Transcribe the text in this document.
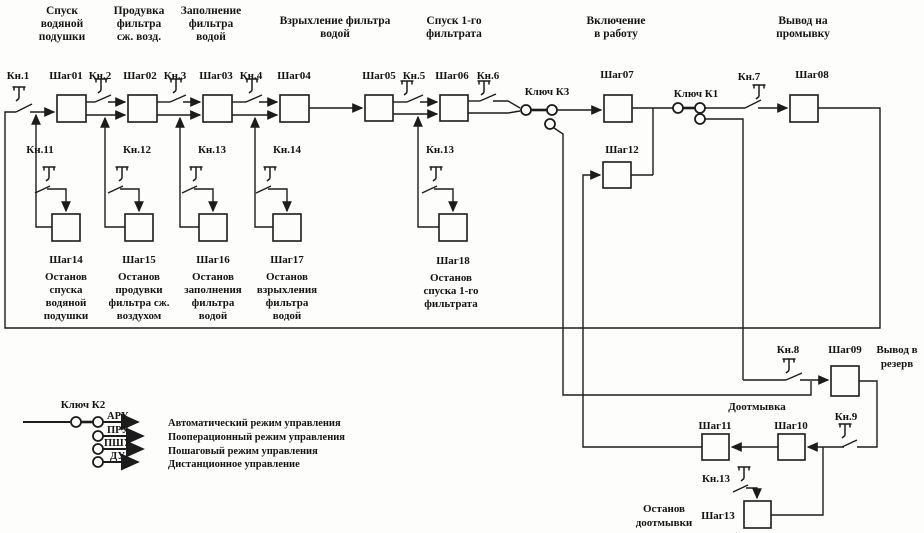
Спуск
водяной
подушки
Продувка
фильтра
сж. возд.
Заполнение
фильтра
водой
Взрыхление фильтра
водой
Спуск 1-го
фильтрата
Включение
в работу
Вывод на
промывку
Кн.1 Шаг01 Кн.2 Шаг02 Кн.3 Шаг03 Кн.4 Шаг04	Шаг05 Кн.5 Шаг06 Кн.6
Ключ К3
Шаг07
Ключ К1
Кн.7	Шаг08
Шаг12
Кн.11	Кн.12	Кн.13	Кн.14	Кн.13
Шаг14
Останов
спуска
водяной
подушки
Шаг15
Останов
продувки
фильтра сж.
воздухом
Шаг16
Останов
заполнения
фильтра
водой
Шаг17
Останов
взрыхления
фильтра
водой
Шаг18
Останов
спуска 1-го
фильтрата
Кн.8	Шаг09 Вывод в
резерв
Доотмывка
Кн.9
Шаг11	Шаг10
Кн.13
Останов
доотмывки
Шаг13
Ключ К2
АРУ
ПРУ
ПШУ
ДУ
Автоматический режим управления
Пооперационный режим управления
Пошаговый режим управления
Дистанционное управление
